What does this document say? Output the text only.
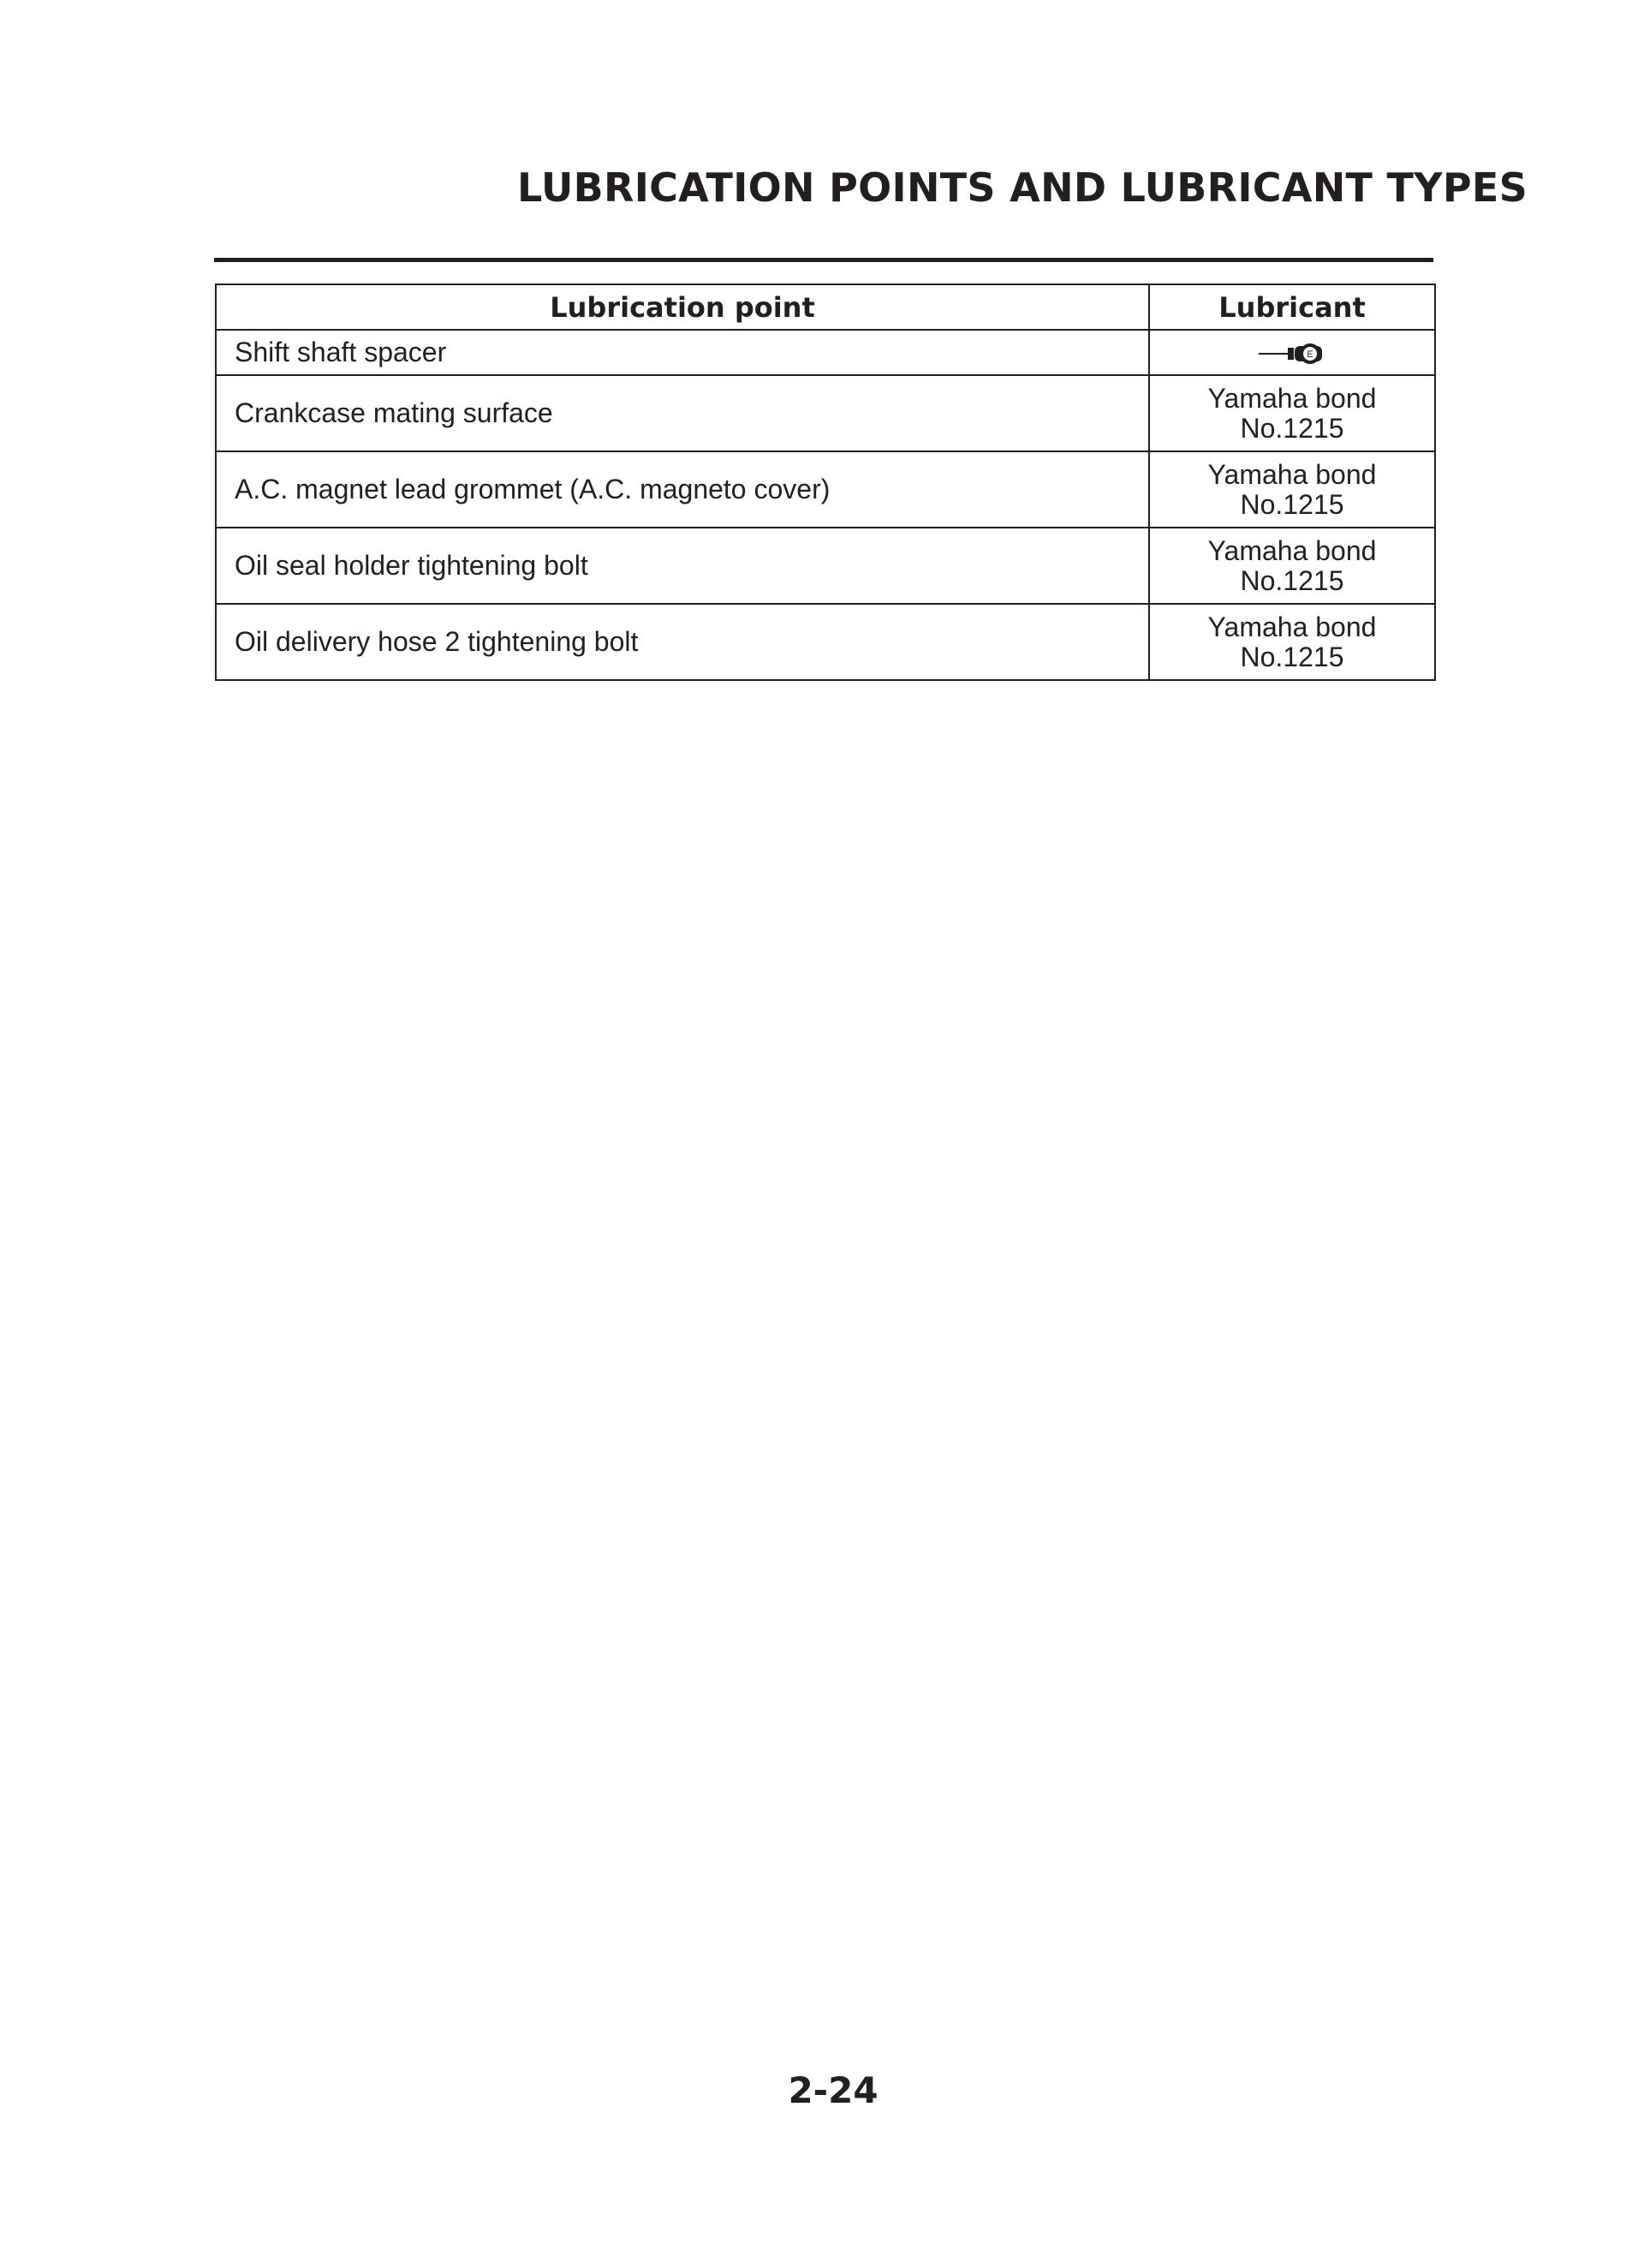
LUBRICATION POINTS AND LUBRICANT TYPES
Lubrication point	Lubricant
Shift shaft spacer	E

Crankcase mating surface	Yamaha bond
No.1215

A.C. magnet lead grommet (A.C. magneto cover)	Yamaha bond
No.1215

Oil seal holder tightening bolt	Yamaha bond
No.1215

Oil delivery hose 2 tightening bolt	Yamaha bond
No.1215
2-24
